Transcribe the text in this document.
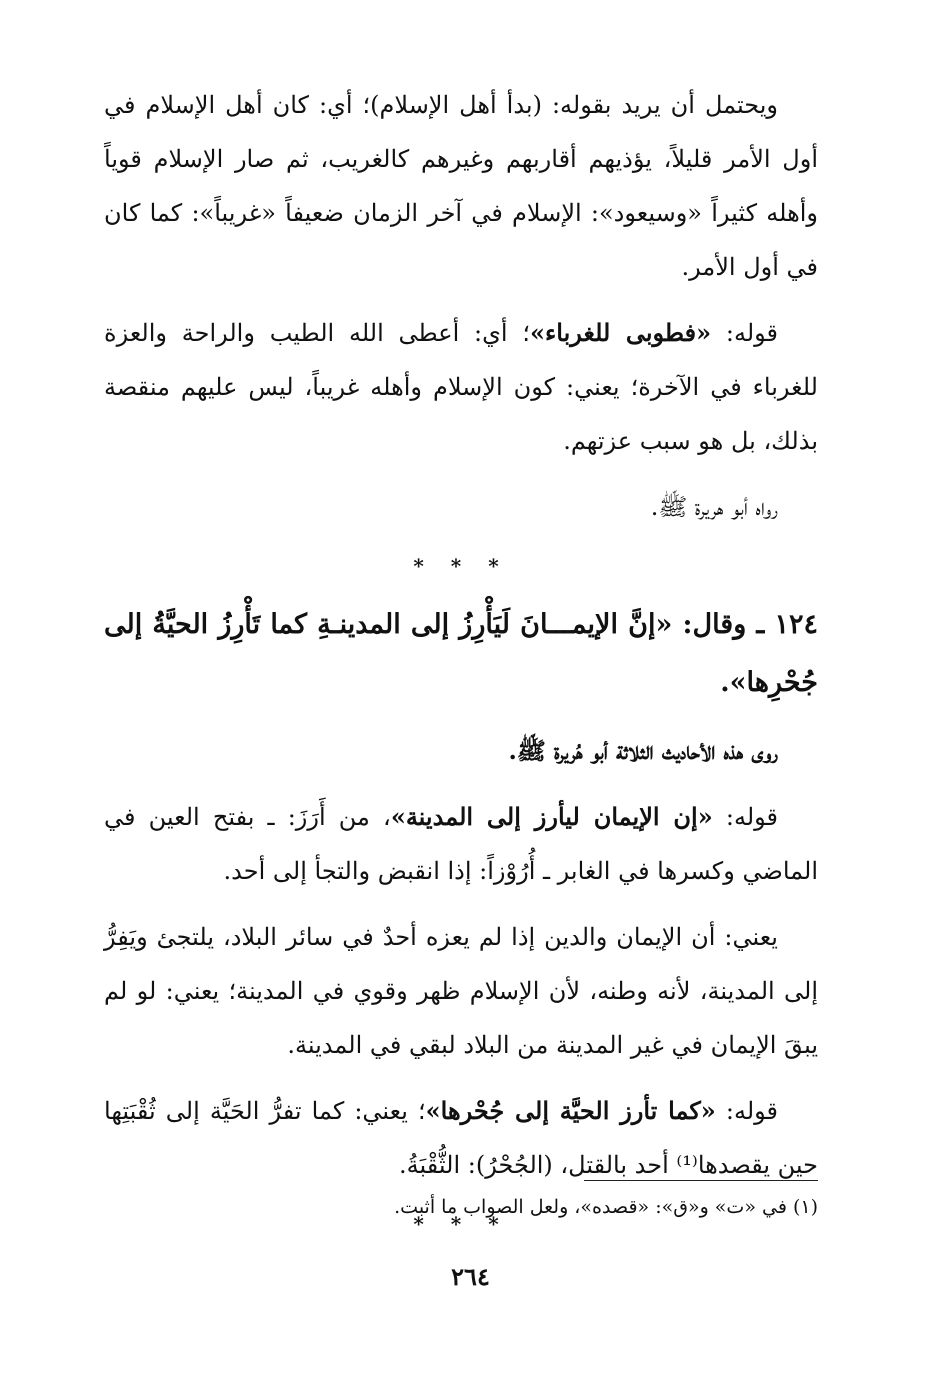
ويحتمل أن يريد بقوله: (بدأ أهل الإسلام)؛ أي: كان أهل الإسلام في أول الأمر قليلاً، يؤذيهم أقاربهم وغيرهم كالغريب، ثم صار الإسلام قوياً وأهله كثيراً «وسيعود»: الإسلام في آخر الزمان ضعيفاً «غريباً»: كما كان في أول الأمر.

قوله: «فطوبى للغرباء»؛ أي: أعطى الله الطيب والراحة والعزة للغرباء في الآخرة؛ يعني: كون الإسلام وأهله غريباً، ليس عليهم منقصة بذلك، بل هو سبب عزتهم.

رواه أبو هريرة ﷺ.

* * *

١٢٤ ـ وقال: «إنَّ الإيمـــانَ لَيَأْرِزُ إلى المدينـةِ كما تَأْرِزُ الحيَّةُ إلى جُحْرِها».

روى هذه الأحاديث الثلاثة أبو هُريرة ﷺ.

قوله: «إن الإيمان ليأرز إلى المدينة»، من أَرَزَ: ـ بفتح العين في الماضي وكسرها في الغابر ـ أُرُوْزاً: إذا انقبض والتجأ إلى أحد.

يعني: أن الإيمان والدين إذا لم يعزه أحدٌ في سائر البلاد، يلتجئ ويَفِرُّ إلى المدينة، لأنه وطنه، لأن الإسلام ظهر وقوي في المدينة؛ يعني: لو لم يبقَ الإيمان في غير المدينة من البلاد لبقي في المدينة.

قوله: «كما تأرز الحيَّة إلى جُحْرها»؛ يعني: كما تفرُّ الحَيَّة إلى ثُقْبَتِها حين يقصدها⁽¹⁾ أحد بالقتل، (الجُحْرُ): الثُّقْبَةُ.

* * *
(١) في «ت» و«ق»: «قصده»، ولعل الصواب ما أثبت.
٢٦٤
